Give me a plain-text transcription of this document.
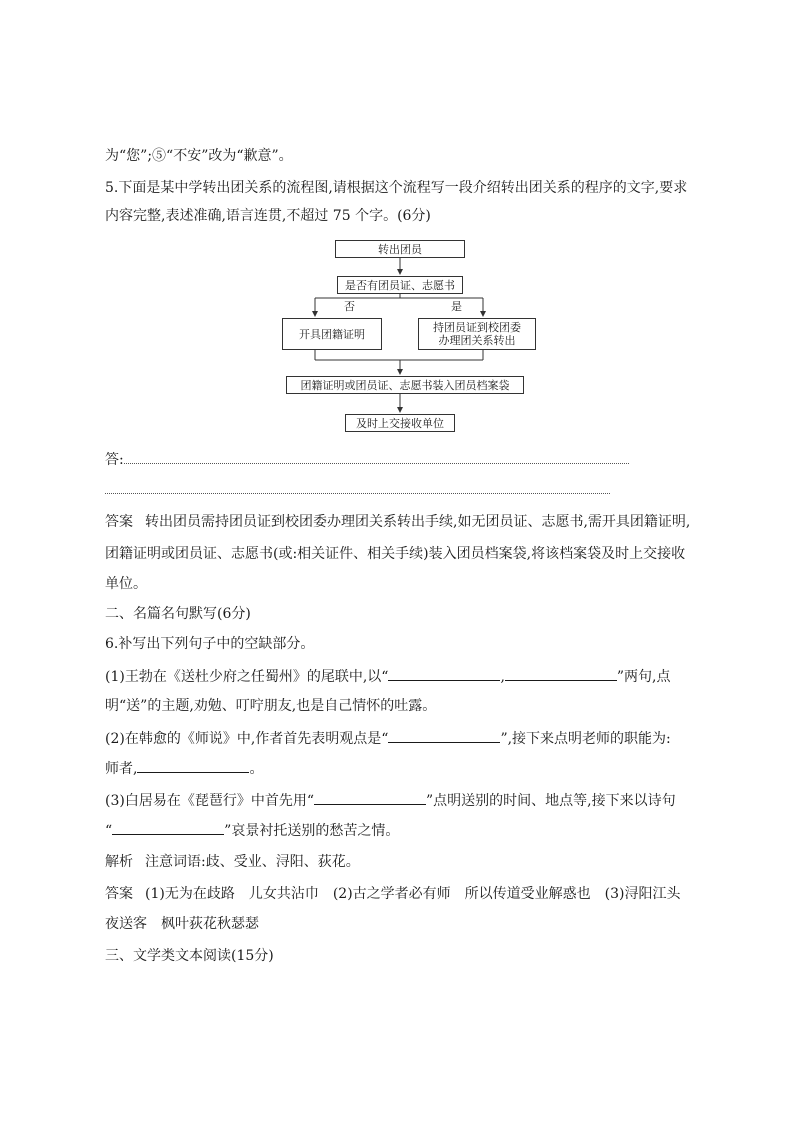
为“您”;⑤“不安”改为“歉意”。
5.下面是某中学转出团关系的流程图,请根据这个流程写一段介绍转出团关系的程序的文字,要求
内容完整,表述准确,语言连贯,不超过 75 个字。(6分)
转出团员
是否有团员证、志愿书
否	是
开具团籍证明	持团员证到校团委
办理团关系转出
团籍证明或团员证、志愿书装入团员档案袋
及时上交接收单位
答:
答案 转出团员需持团员证到校团委办理团关系转出手续,如无团员证、志愿书,需开具团籍证明,
团籍证明或团员证、志愿书(或:相关证件、相关手续)装入团员档案袋,将该档案袋及时上交接收
单位。
二、名篇名句默写(6分)
6.补写出下列句子中的空缺部分。
(1)王勃在《送杜少府之任蜀州》的尾联中,以“	,	”两句,点
明“送”的主题,劝勉、叮咛朋友,也是自己情怀的吐露。
(2)在韩愈的《师说》中,作者首先表明观点是“	”,接下来点明老师的职能为:
师者,	。
(3)白居易在《琵琶行》中首先用“	”点明送别的时间、地点等,接下来以诗句
“	”哀景衬托送别的愁苦之情。
解析 注意词语:歧、受业、浔阳、荻花。
答案 (1)无为在歧路　儿女共沾巾　(2)古之学者必有师　所以传道受业解惑也　(3)浔阳江头
夜送客　枫叶荻花秋瑟瑟
三、文学类文本阅读(15分)
